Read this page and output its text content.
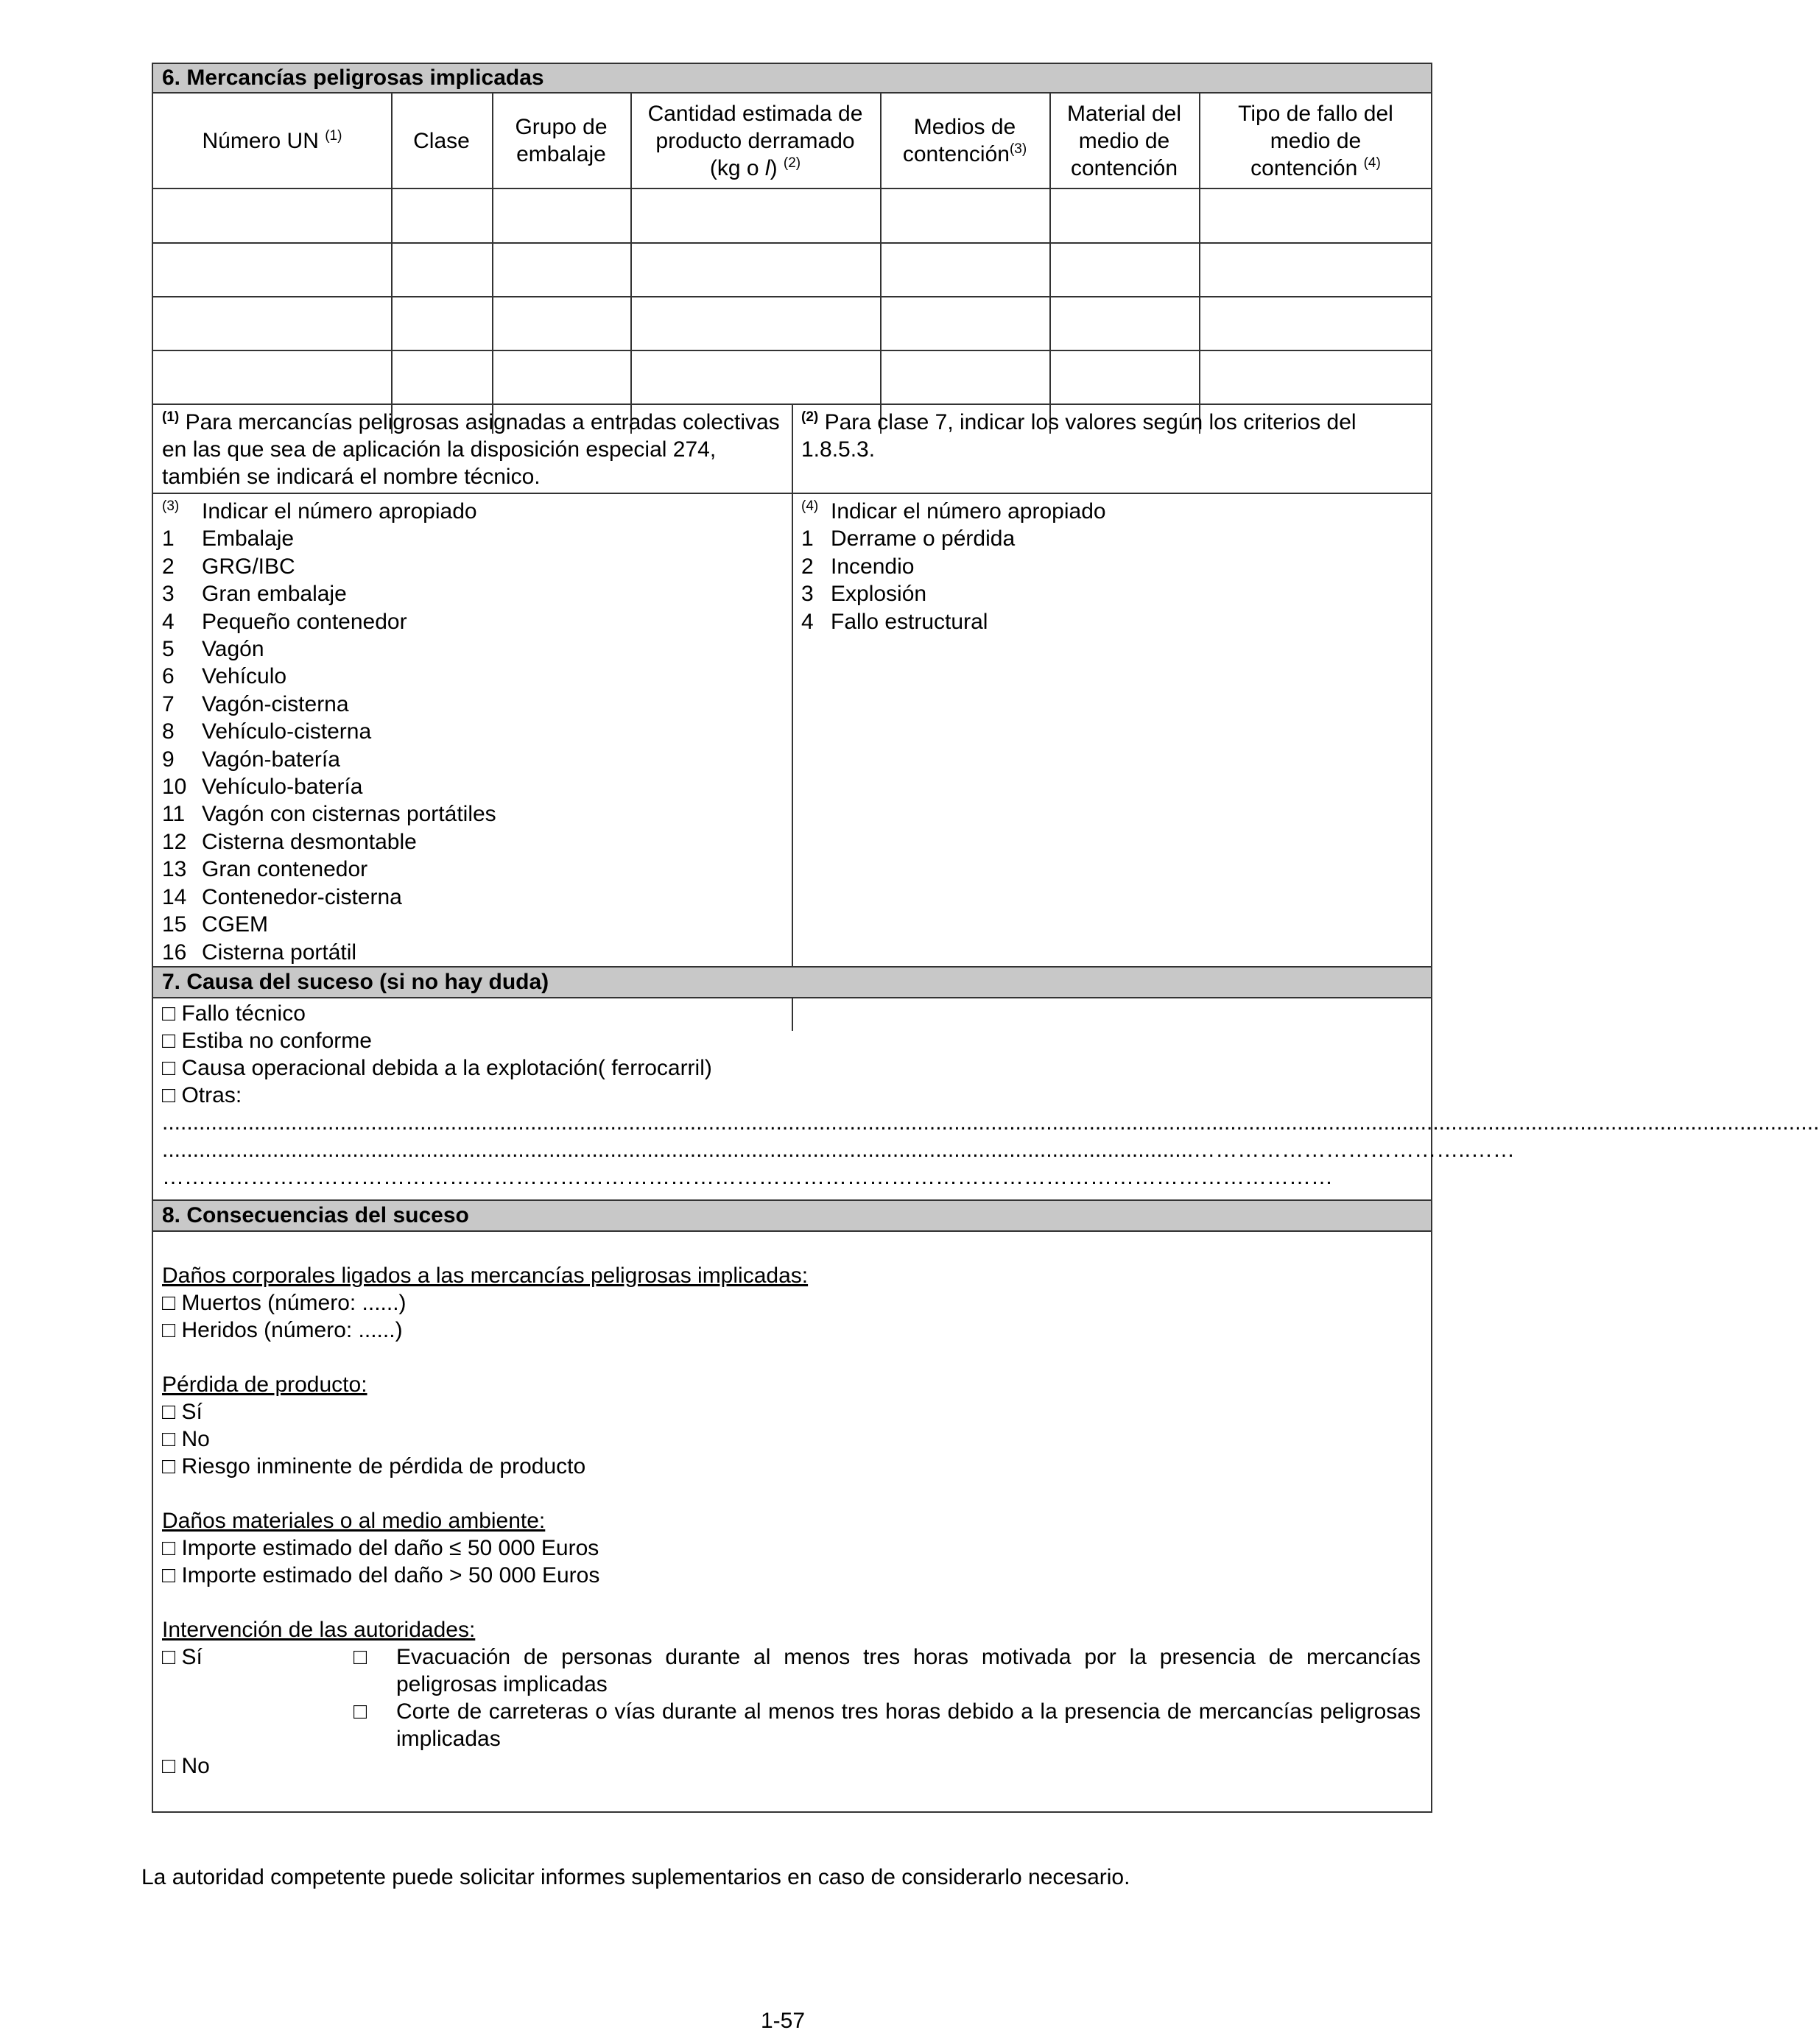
6. Mercancías peligrosas implicadas
Número UN $^{(1)}$	Clase
Grupo de embalaje
Cantidad estimada de producto derramado (kg o l) $^{(2)}$
Medios de contención$^{(3)}$
Material del medio de contención
Tipo de fallo del medio de contención $^{(4)}$
$^{(1)}$ Para mercancías peligrosas asignadas a entradas colectivas en las que sea de aplicación la disposición especial 274, también se indicará el nombre técnico.
$^{(2)}$ Para clase 7, indicar los valores según los criterios del 1.8.5.3.
$^{(3)}$ Indicar el número apropiado
1 Embalaje
2 GRG/IBC
3 Gran embalaje
4 Pequeño contenedor
5 Vagón
6 Vehículo
7 Vagón-cisterna
8 Vehículo-cisterna
9 Vagón-batería
10 Vehículo-batería
11 Vagón con cisternas portátiles
12 Cisterna desmontable
13 Gran contenedor
14 Contenedor-cisterna
15 CGEM
16 Cisterna portátil
$^{(4)}$ Indicar el número apropiado
1 Derrame o pérdida
2 Incendio
3 Explosión
4 Fallo estructural
7. Causa del suceso (si no hay duda)
□ Fallo técnico
□ Estiba no conforme
□ Causa operacional debida a la explotación( ferrocarril)
□ Otras:
..............................................................................................................................................................................................................................................................................
........................................................................................................................................................................………………………………..……
……………………………………………………………………………………………………………………………………………
8. Consecuencias del suceso
Daños corporales ligados a las mercancías peligrosas implicadas:
□ Muertos (número: ......)
□ Heridos (número: ......)
Pérdida de producto:
□ Sí
□ No
□ Riesgo inminente de pérdida de producto
Daños materiales o al medio ambiente:
□ Importe estimado del daño ≤ 50 000 Euros
□ Importe estimado del daño > 50 000 Euros
Intervención de las autoridades:
□ Sí	□ Evacuación de personas durante al menos tres horas motivada por la presencia de mercancías peligrosas implicadas
□ Corte de carreteras o vías durante al menos tres horas debido a la presencia de mercancías peligrosas implicadas
□ No
La autoridad competente puede solicitar informes suplementarios en caso de considerarlo necesario.
1-57
